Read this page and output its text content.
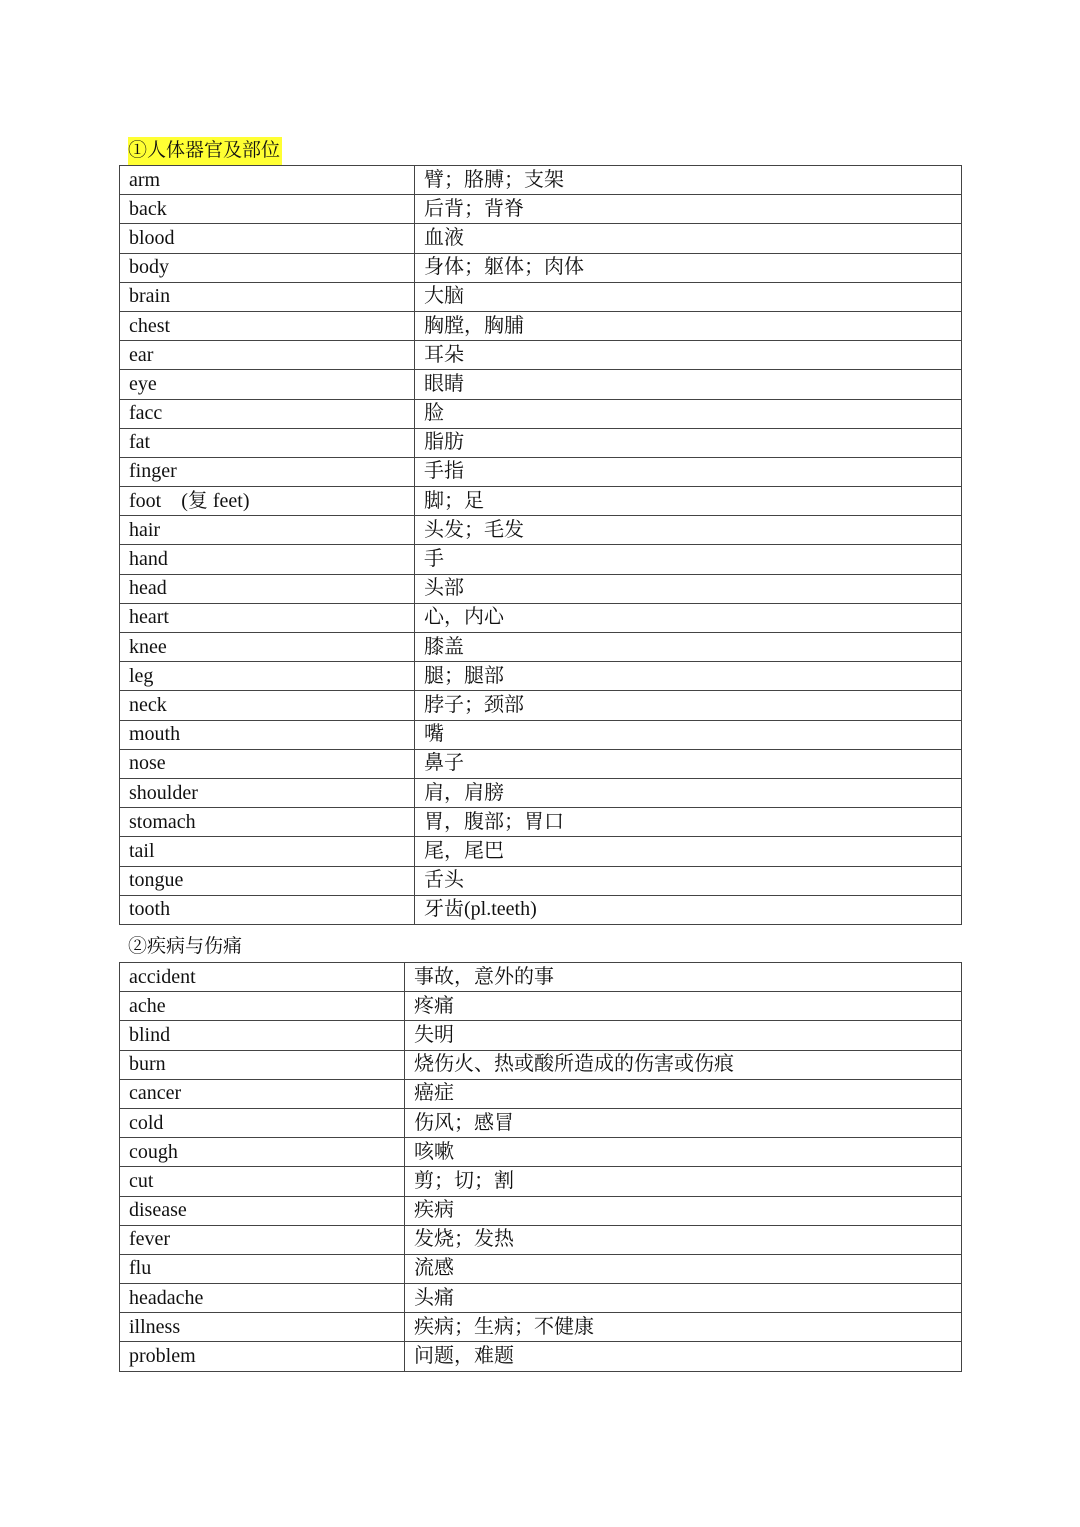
①人体器官及部位
arm	臂；胳膊；支架
back	后背；背脊
blood	血液
body	身体；躯体；肉体
brain	大脑
chest	胸膛，胸脯
ear	耳朵
eye	眼睛
facc	脸
fat	脂肪
finger	手指
foot　(复 feet)	脚；足
hair	头发；毛发
hand	手
head	头部
heart	心，内心
knee	膝盖
leg	腿；腿部
neck	脖子；颈部
mouth	嘴
nose	鼻子
shoulder	肩，肩膀
stomach	胃，腹部；胃口
tail	尾，尾巴
tongue	舌头
tooth	牙齿(pl.teeth)
②疾病与伤痛
accident	事故，意外的事
ache	疼痛
blind	失明
burn	烧伤火、热或酸所造成的伤害或伤痕
cancer	癌症
cold	伤风；感冒
cough	咳嗽
cut	剪；切；割
disease	疾病
fever	发烧；发热
flu	流感
headache	头痛
illness	疾病；生病；不健康
problem	问题，难题
